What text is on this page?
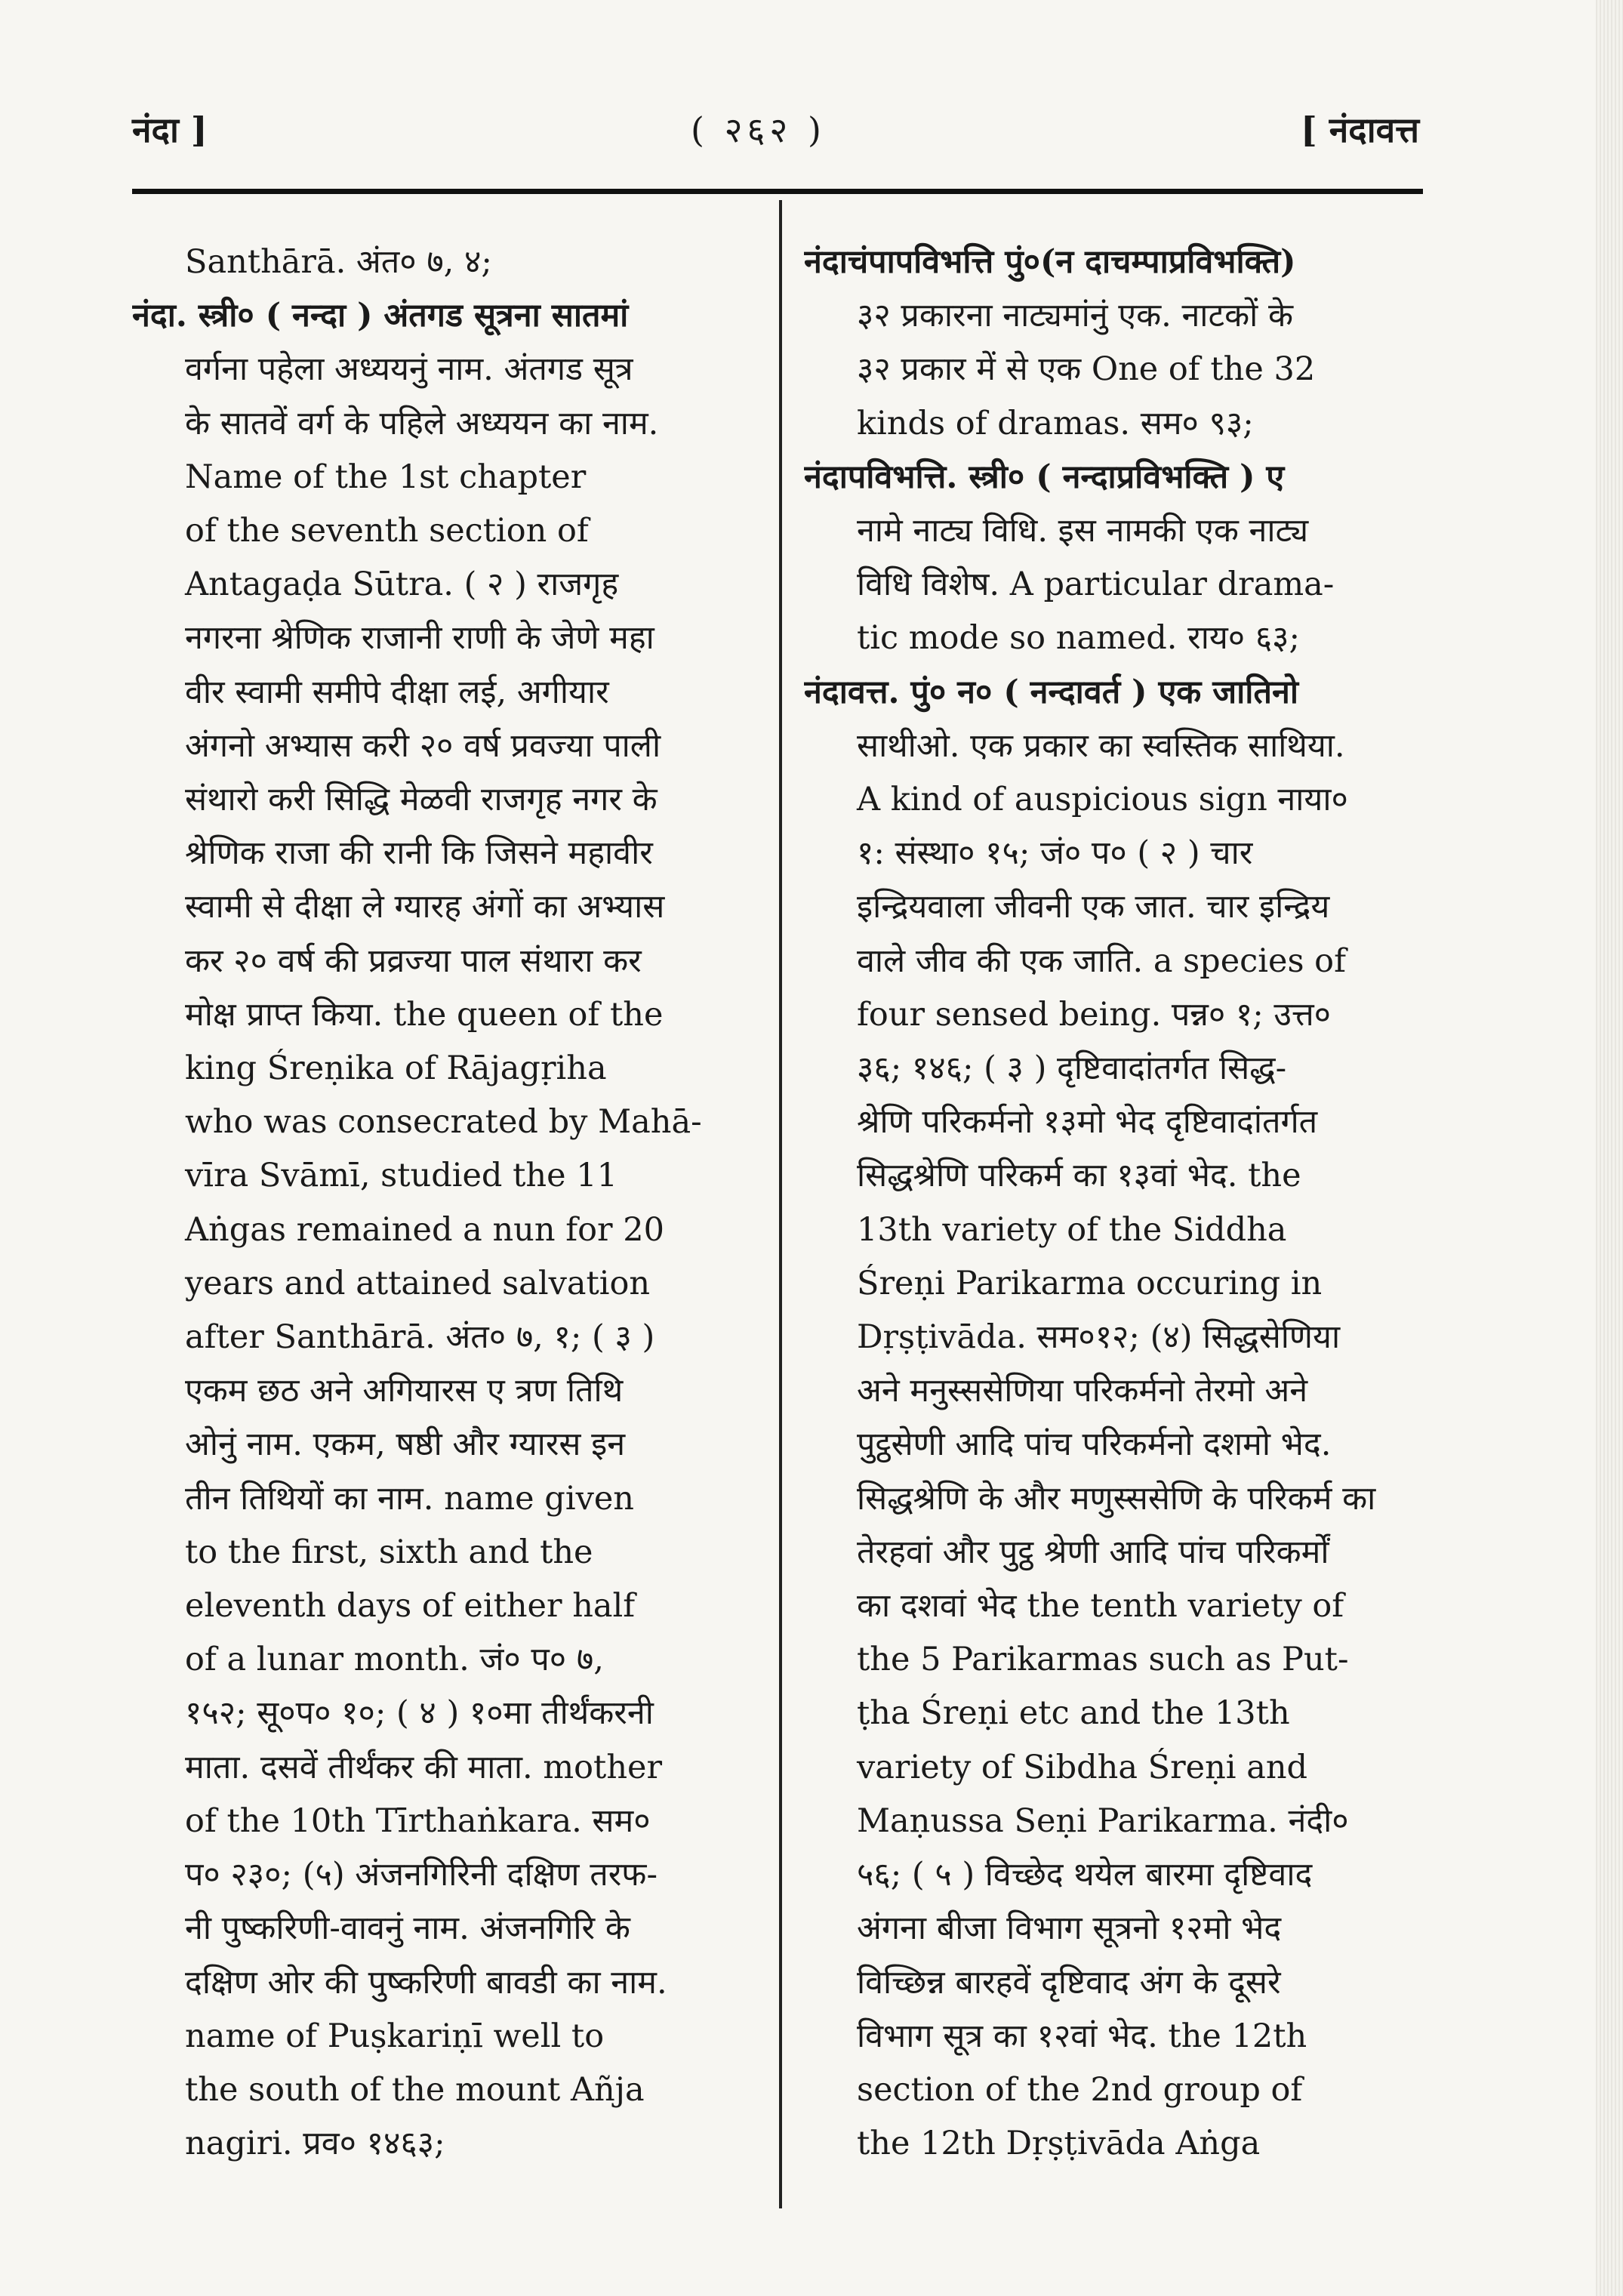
नंदा ]	( २६२ )	[ नंदावत्त
Santhārā. अंत० ७, ४;
नंदा. स्त्री० ( नन्दा ) अंतगड सूत्रना सातमां
वर्गना पहेला अध्ययनुं नाम. अंतगड सूत्र
के सातवें वर्ग के पहिले अध्ययन का नाम.
Name of the 1st chapter
of the seventh section of
Antagaḍa Sūtra. ( २ ) राजगृह
नगरना श्रेणिक राजानी राणी के जेणे महा
वीर स्वामी समीपे दीक्षा लई, अगीयार
अंगनो अभ्यास करी २० वर्ष प्रवज्या पाली
संथारो करी सिद्धि मेळवी राजगृह नगर के
श्रेणिक राजा की रानी कि जिसने महावीर
स्वामी से दीक्षा ले ग्यारह अंगों का अभ्यास
कर २० वर्ष की प्रव्रज्या पाल संथारा कर
मोक्ष प्राप्त किया. the queen of the
king Śreṇika of Rājagṛiha
who was consecrated by Mahā-
vīra Svāmī, studied the 11
Aṅgas remained a nun for 20
years and attained salvation
after Santhārā. अंत० ७, १; ( ३ )
एकम छठ अने अगियारस ए त्रण तिथि
ओनुं नाम. एकम, षष्ठी और ग्यारस इन
तीन तिथियों का नाम. name given
to the first, sixth and the
eleventh days of either half
of a lunar month. जं० प० ७,
१५२; सू०प० १०; ( ४ ) १०मा तीर्थंकरनी
माता. दसवें तीर्थंकर की माता. mother
of the 10th Tīrthaṅkara. सम०
प० २३०; (५) अंजनगिरिनी दक्षिण तरफ-
नी पुष्करिणी-वावनुं नाम. अंजनगिरि के
दक्षिण ओर की पुष्करिणी बावडी का नाम.
name of Puṣkariṇī well to
the south of the mount Añja
nagiri. प्रव० १४६३;
नंदाचंपापविभत्ति पुं०(न दाचम्पाप्रविभक्ति)
३२ प्रकारना नाट्यमांनुं एक. नाटकों के
३२ प्रकार में से एक One of the 32
kinds of dramas. सम० ९३;
नंदापविभत्ति. स्त्री० ( नन्दाप्रविभक्ति ) ए
नामे नाट्य विधि. इस नामकी एक नाट्य
विधि विशेष. A particular drama-
tic mode so named. राय० ६३;
नंदावत्त. पुं० न० ( नन्दावर्त ) एक जातिनो
साथीओ. एक प्रकार का स्वस्तिक साथिया.
A kind of auspicious sign नाया०
१: संस्था० १५; जं० प० ( २ ) चार
इन्द्रियवाला जीवनी एक जात. चार इन्द्रिय
वाले जीव की एक जाति. a species of
four sensed being. पन्न० १; उत्त०
३६; १४६; ( ३ ) दृष्टिवादांतर्गत सिद्ध-
श्रेणि परिकर्मनो १३मो भेद दृष्टिवादांतर्गत
सिद्धश्रेणि परिकर्म का १३वां भेद. the
13th variety of the Siddha
Śreṇi Parikarma occuring in
Dṛṣṭivāda. सम०१२; (४) सिद्धसेणिया
अने मनुस्ससेणिया परिकर्मनो तेरमो अने
पुट्ठसेणी आदि पांच परिकर्मनो दशमो भेद.
सिद्धश्रेणि के और मणुस्ससेणि के परिकर्म का
तेरहवां और पुट्ठ श्रेणी आदि पांच परिकर्मों
का दशवां भेद the tenth variety of
the 5 Parikarmas such as Put-
ṭha Śreṇi etc and the 13th
variety of Sibdha Śreṇi and
Maṇussa Seṇi Parikarma. नंदी०
५६; ( ५ ) विच्छेद थयेल बारमा दृष्टिवाद
अंगना बीजा विभाग सूत्रनो १२मो भेद
विच्छिन्न बारहवें दृष्टिवाद अंग के दूसरे
विभाग सूत्र का १२वां भेद. the 12th
section of the 2nd group of
the 12th Dṛṣṭivāda Aṅga
